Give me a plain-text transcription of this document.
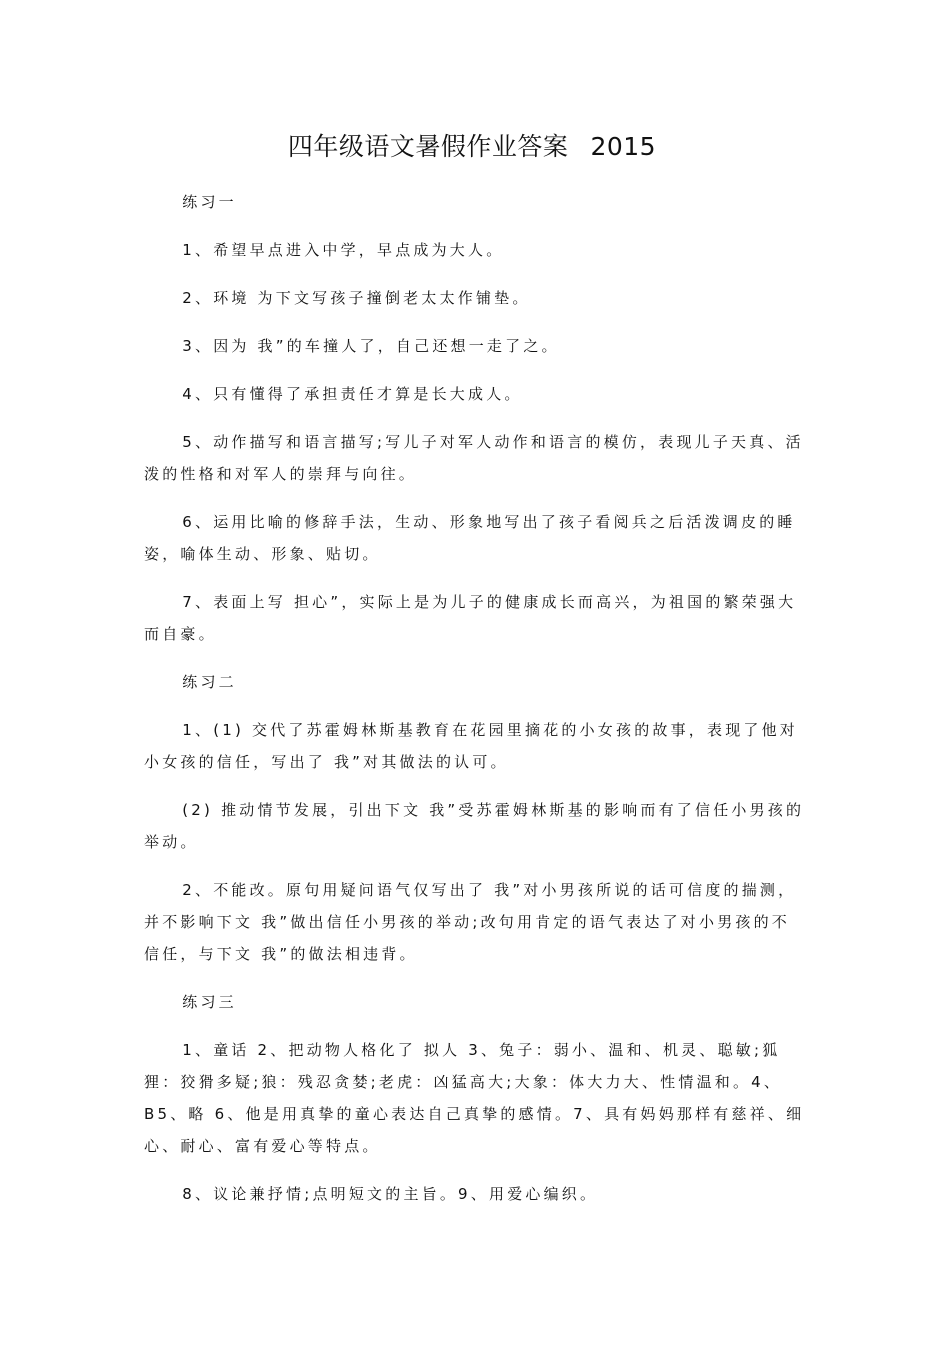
四年级语文暑假作业答案 2015

练习一

1、希望早点进入中学，早点成为大人。

2、环境 为下文写孩子撞倒老太太作铺垫。

3、因为 我”的车撞人了，自己还想一走了之。

4、只有懂得了承担责任才算是长大成人。

5、动作描写和语言描写;写儿子对军人动作和语言的模仿，表现儿子天真、活泼的性格和对军人的崇拜与向往。

6、运用比喻的修辞手法，生动、形象地写出了孩子看阅兵之后活泼调皮的睡姿，喻体生动、形象、贴切。

7、表面上写 担心”，实际上是为儿子的健康成长而高兴，为祖国的繁荣强大而自豪。

练习二

1、(1) 交代了苏霍姆林斯基教育在花园里摘花的小女孩的故事，表现了他对小女孩的信任，写出了 我”对其做法的认可。

(2) 推动情节发展，引出下文 我”受苏霍姆林斯基的影响而有了信任小男孩的举动。

2、不能改。原句用疑问语气仅写出了 我”对小男孩所说的话可信度的揣测，并不影响下文 我”做出信任小男孩的举动;改句用肯定的语气表达了对小男孩的不信任，与下文 我”的做法相违背。

练习三

1、童话 2、把动物人格化了 拟人 3、兔子：弱小、温和、机灵、聪敏;狐狸：狡猾多疑;狼：残忍贪婪;老虎：凶猛高大;大象：体大力大、性情温和。4、B5、略 6、他是用真挚的童心表达自己真挚的感情。7、具有妈妈那样有慈祥、细心、耐心、富有爱心等特点。

8、议论兼抒情;点明短文的主旨。9、用爱心编织。
